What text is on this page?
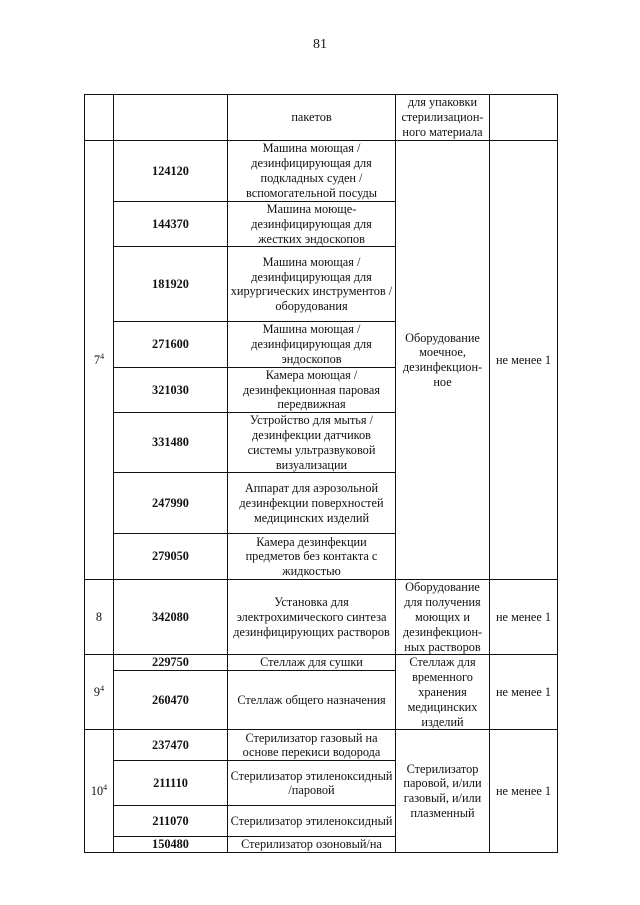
81
		пакетов	для упаковки стерилизацион-ного материала	
$7^4$	124120	Машина моющая /дезинфицирующая для подкладных суден /вспомогательной посуды	Оборудование моечное, дезинфекцион-ное	не менее 1
	144370	Машина моюще-дезинфицирующая для жестких эндоскопов		
	181920	Машина моющая /дезинфицирующая для хирургических инструментов /оборудования		
	271600	Машина моющая /дезинфицирующая для эндоскопов		
	321030	Камера моющая /дезинфекционная паровая передвижная		
	331480	Устройство для мытья /дезинфекции датчиков системы ультразвуковой визуализации		
	247990	Аппарат для аэрозольной дезинфекции поверхностей медицинских изделий		
	279050	Камера дезинфекции предметов без контакта с жидкостью		
8	342080	Установка для электрохимического синтеза дезинфицирующих растворов	Оборудование для получения моющих и дезинфекцион-ных растворов	не менее 1
$9^4$	229750	Стеллаж для сушки	Стеллаж для временного хранения медицинских изделий	не менее 1
	260470	Стеллаж общего назначения		
$10^4$	237470	Стерилизатор газовый на основе перекиси водорода	Стерилизатор паровой, и/или газовый, и/или плазменный	не менее 1
	211110	Стерилизатор этиленоксидный /паровой		
	211070	Стерилизатор этиленоксидный		
	150480	Стерилизатор озоновый/на		
